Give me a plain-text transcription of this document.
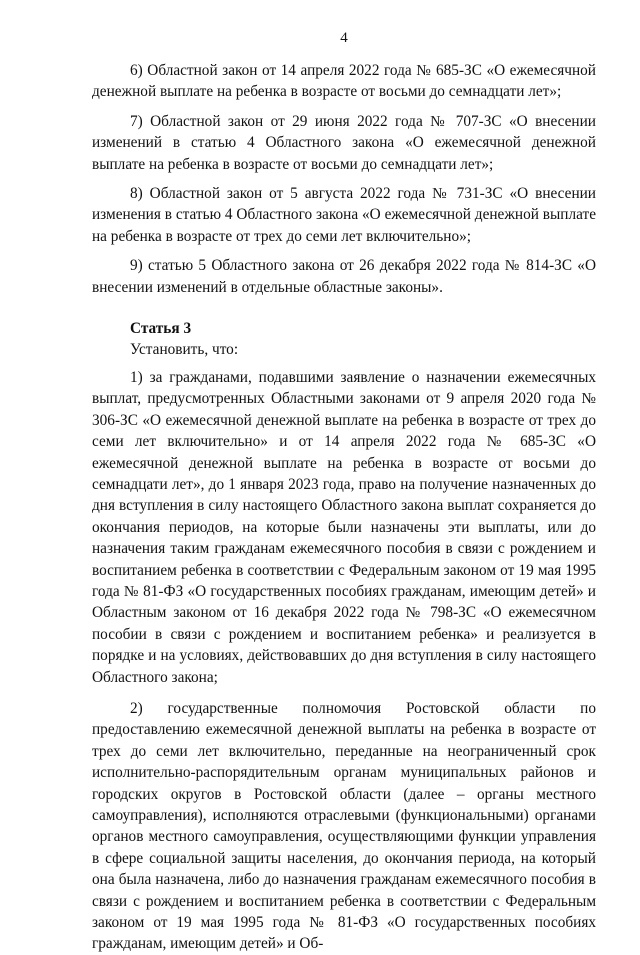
4

6) Областной закон от 14 апреля 2022 года № 685-ЗС «О ежемесячной денежной выплате на ребенка в возрасте от восьми до семнадцати лет»;

7) Областной закон от 29 июня 2022 года № 707-ЗС «О внесении изменений в статью 4 Областного закона «О ежемесячной денежной выплате на ребенка в возрасте от восьми до семнадцати лет»;

8) Областной закон от 5 августа 2022 года № 731-ЗС «О внесении изменения в статью 4 Областного закона «О ежемесячной денежной выплате на ребенка в возрасте от трех до семи лет включительно»;

9) статью 5 Областного закона от 26 декабря 2022 года № 814-ЗС «О внесении изменений в отдельные областные законы».

Статья 3

Установить, что:

1) за гражданами, подавшими заявление о назначении ежемесячных выплат, предусмотренных Областными законами от 9 апреля 2020 года № 306-ЗС «О ежемесячной денежной выплате на ребенка в возрасте от трех до семи лет включительно» и от 14 апреля 2022 года № 685-ЗС «О ежемесячной денежной выплате на ребенка в возрасте от восьми до семнадцати лет», до 1 января 2023 года, право на получение назначенных до дня вступления в силу настоящего Областного закона выплат сохраняется до окончания периодов, на которые были назначены эти выплаты, или до назначения таким гражданам ежемесячного пособия в связи с рождением и воспитанием ребенка в соответствии с Федеральным законом от 19 мая 1995 года № 81-ФЗ «О государственных пособиях гражданам, имеющим детей» и Областным законом от 16 декабря 2022 года № 798-ЗС «О ежемесячном пособии в связи с рождением и воспитанием ребенка» и реализуется в порядке и на условиях, действовавших до дня вступления в силу настоящего Областного закона;

2) государственные полномочия Ростовской области по предоставлению ежемесячной денежной выплаты на ребенка в возрасте от трех до семи лет включительно, переданные на неограниченный срок исполнительно-распорядительным органам муниципальных районов и городских округов в Ростовской области (далее – органы местного самоуправления), исполняются отраслевыми (функциональными) органами органов местного самоуправления, осуществляющими функции управления в сфере социальной защиты населения, до окончания периода, на который она была назначена, либо до назначения гражданам ежемесячного пособия в связи с рождением и воспитанием ребенка в соответствии с Федеральным законом от 19 мая 1995 года № 81-ФЗ «О государственных пособиях гражданам, имеющим детей» и Об-
